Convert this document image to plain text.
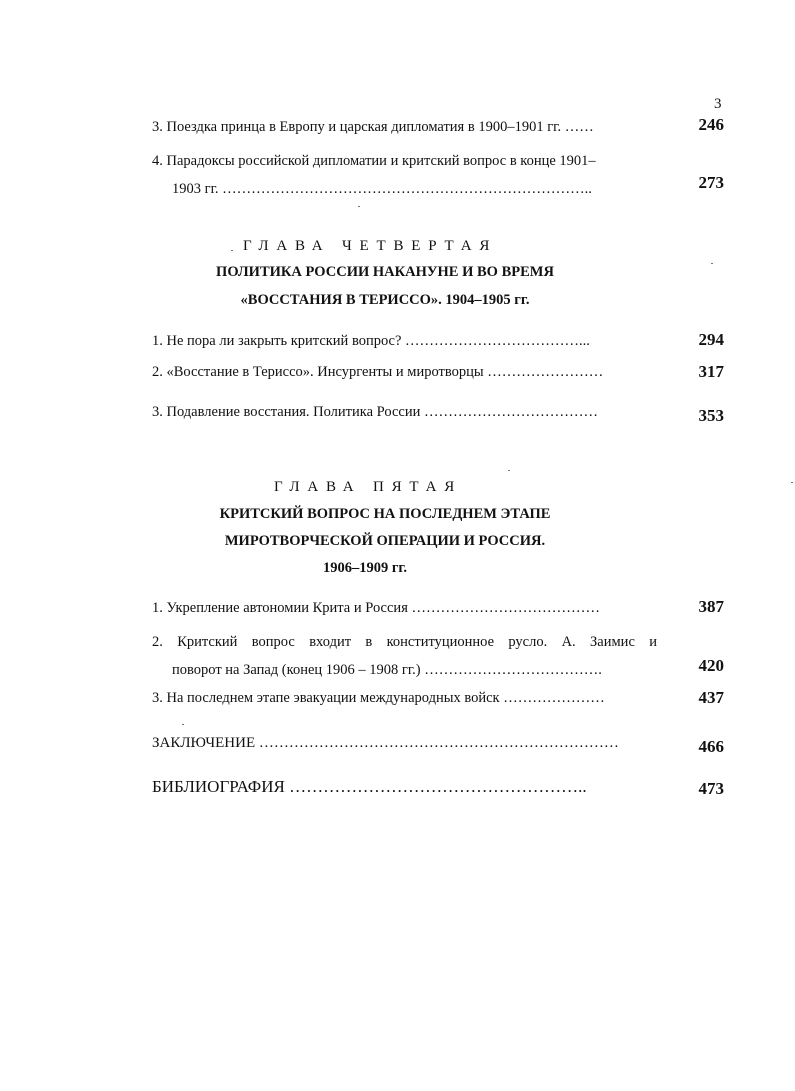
3
3. Поездка принца в Европу и царская дипломатия в 1900–1901 гг. ……	246
4. Парадоксы российской дипломатии и критский вопрос в конце 1901–
1903 гг. …………………………………………………………………..	273
ГЛАВА ЧЕТВЕРТАЯ
ПОЛИТИКА РОССИИ НАКАНУНЕ И ВО ВРЕМЯ
«ВОССТАНИЯ В ТЕРИССО». 1904–1905 гг.
1. Не пора ли закрыть критский вопрос? ………………………………...	294
2. «Восстание в Териссо». Инсургенты и миротворцы ……………………	317
3. Подавление восстания. Политика России ………………………………	353
ГЛАВА ПЯТАЯ
КРИТСКИЙ ВОПРОС НА ПОСЛЕДНЕМ ЭТАПЕ
МИРОТВОРЧЕСКОЙ ОПЕРАЦИИ И РОССИЯ.
1906–1909 гг.
1. Укрепление автономии Крита и Россия …………………………………	387
2. Критский вопрос входит в конституционное русло. А. Заимис и
поворот на Запад (конец 1906 – 1908 гг.) ……………………………….	420
3. На последнем этапе эвакуации международных войск …………………	437
ЗАКЛЮЧЕНИЕ ………………………………………………………………	466
БИБЛИОГРАФИЯ ……………………………………………..	473
